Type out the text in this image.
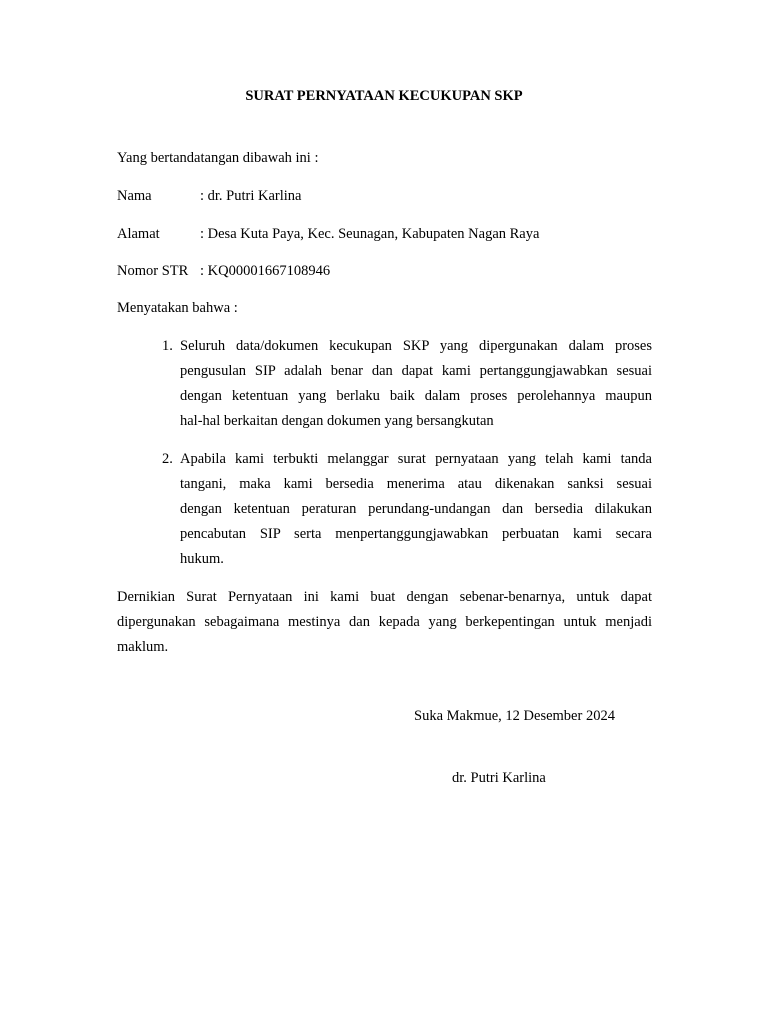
SURAT PERNYATAAN KECUKUPAN SKP
Yang bertandatangan dibawah ini :
Nama	: dr. Putri Karlina
Alamat	: Desa Kuta Paya, Kec. Seunagan, Kabupaten Nagan Raya
Nomor STR : KQ00001667108946
Menyatakan bahwa :
1. Seluruh data/dokumen kecukupan SKP yang dipergunakan dalam proses
pengusulan SIP adalah benar dan dapat kami pertanggungjawabkan sesuai
dengan ketentuan yang berlaku baik dalam proses perolehannya maupun
hal-hal berkaitan dengan dokumen yang bersangkutan
2. Apabila kami terbukti melanggar surat pernyataan yang telah kami tanda
tangani, maka kami bersedia menerima atau dikenakan sanksi sesuai
dengan ketentuan peraturan perundang-undangan dan bersedia dilakukan
pencabutan SIP serta menpertanggungjawabkan perbuatan kami secara
hukum.
Dernikian Surat Pernyataan ini kami buat dengan sebenar-benarnya, untuk dapat
dipergunakan sebagaimana mestinya dan kepada yang berkepentingan untuk menjadi
maklum.
Suka Makmue, 12 Desember 2024
dr. Putri Karlina
